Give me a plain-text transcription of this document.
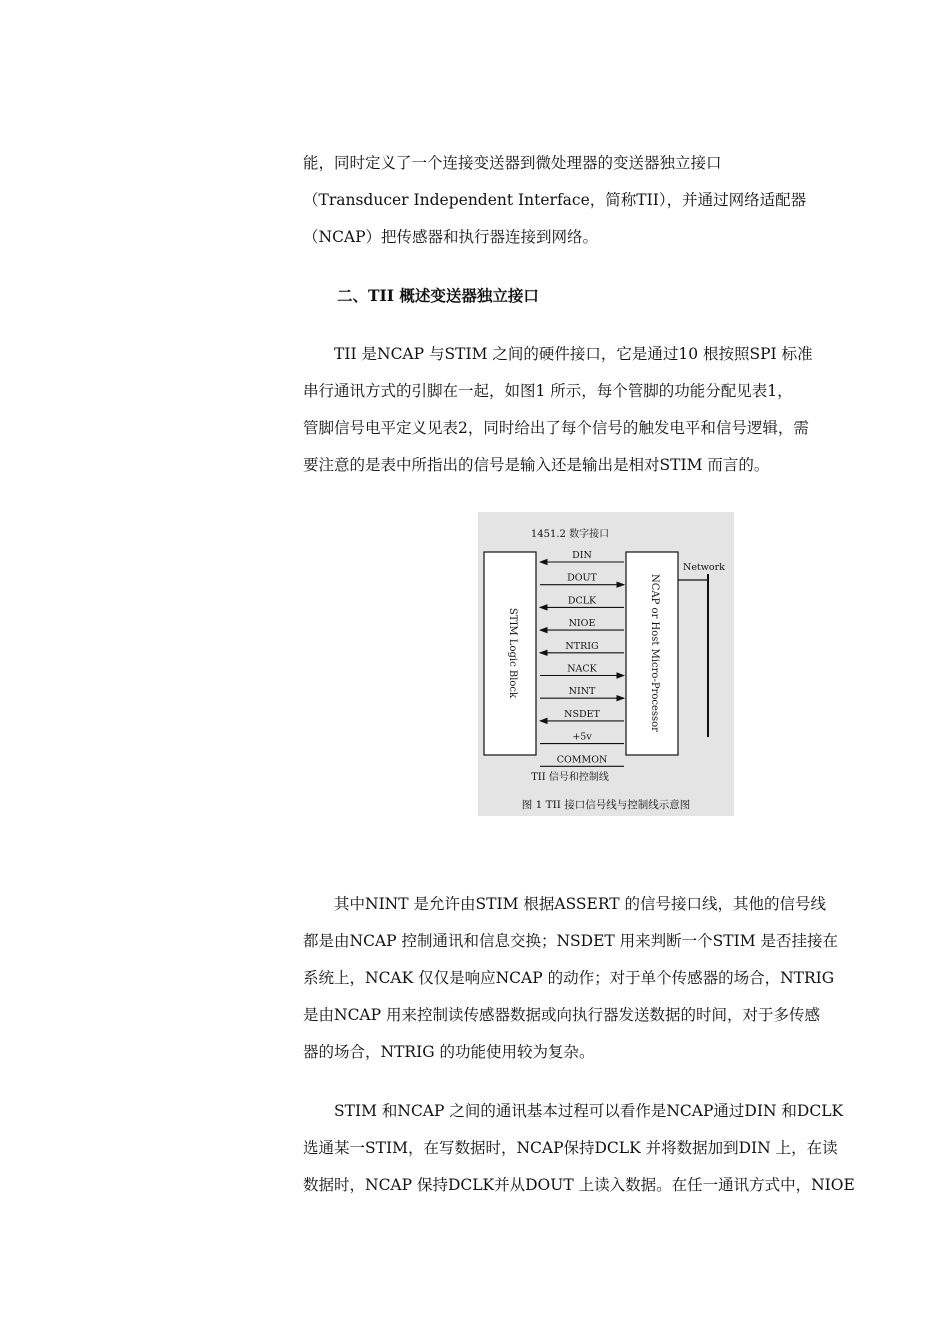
能，同时定义了一个连接变送器到微处理器的变送器独立接口
（Transducer Independent Interface，简称TII），并通过网络适配器
（NCAP）把传感器和执行器连接到网络。
二、TII 概述变送器独立接口
　　TII 是NCAP 与STIM 之间的硬件接口，它是通过10 根按照SPI 标准
串行通讯方式的引脚在一起，如图1 所示，每个管脚的功能分配见表1，
管脚信号电平定义见表2，同时给出了每个信号的触发电平和信号逻辑，需
要注意的是表中所指出的信号是输入还是输出是相对STIM 而言的。
1451.2 数字接口
STIM Logic Block	NCAP or Host Micro-Processor
Network
DIN
DOUT
DCLK
NIOE
NTRIG
NACK
NINT
NSDET
+5v
COMMON
TII 信号和控制线
图 1 TII 接口信号线与控制线示意图
　　其中NINT 是允许由STIM 根据ASSERT 的信号接口线，其他的信号线
都是由NCAP 控制通讯和信息交换；NSDET 用来判断一个STIM 是否挂接在
系统上，NCAK 仅仅是响应NCAP 的动作；对于单个传感器的场合，NTRIG
是由NCAP 用来控制读传感器数据或向执行器发送数据的时间，对于多传感
器的场合，NTRIG 的功能使用较为复杂。
　　STIM 和NCAP 之间的通讯基本过程可以看作是NCAP通过DIN 和DCLK
选通某一STIM，在写数据时，NCAP保持DCLK 并将数据加到DIN 上，在读
数据时，NCAP 保持DCLK并从DOUT 上读入数据。在任一通讯方式中，NIOE
